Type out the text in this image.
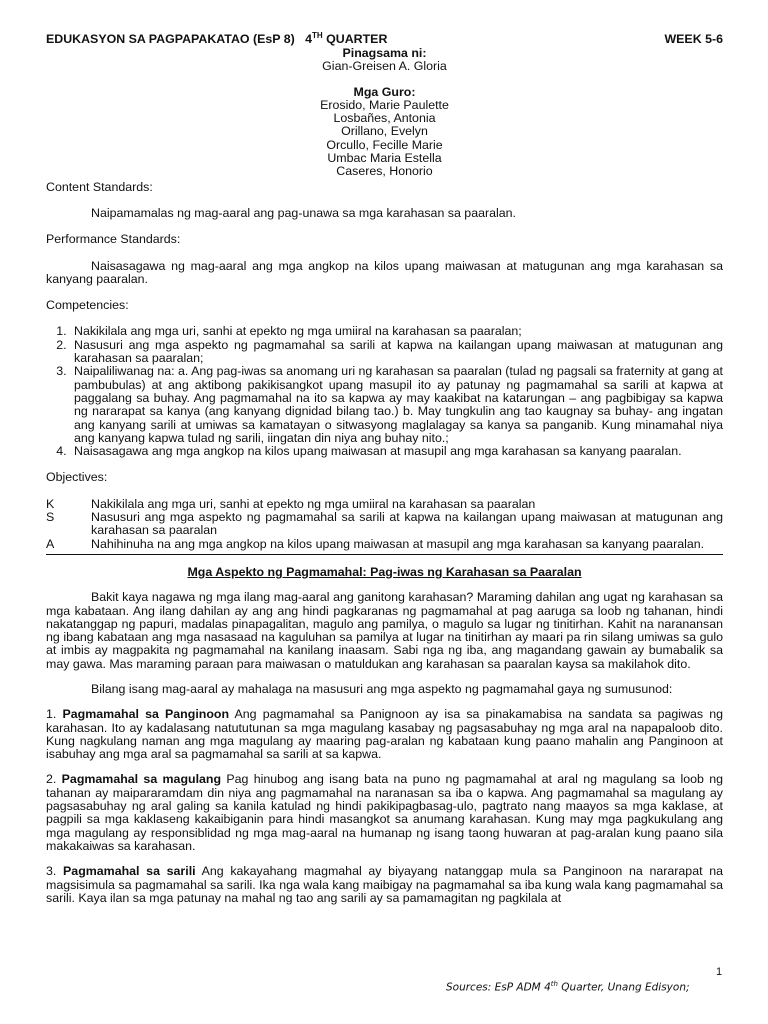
EDUKASYON SA PAGPAPAKATAO (EsP 8) 4TH QUARTER	WEEK 5-6
Pinagsama ni:
Gian-Greisen A. Gloria
Mga Guro:
Erosido, Marie Paulette
Losbañes, Antonia
Orillano, Evelyn
Orcullo, Fecille Marie
Umbac Maria Estella
Caseres, Honorio
Content Standards:

Naipamamalas ng mag-aaral ang pag-unawa sa mga karahasan sa paaralan.

Performance Standards:

Naisasagawa ng mag-aaral ang mga angkop na kilos upang maiwasan at matugunan ang mga karahasan sa kanyang paaralan.

Competencies:
1. Nakikilala ang mga uri, sanhi at epekto ng mga umiiral na karahasan sa paaralan;
2. Nasusuri ang mga aspekto ng pagmamahal sa sarili at kapwa na kailangan upang maiwasan at matugunan ang karahasan sa paaralan;
3. Naipaliliwanag na: a. Ang pag-iwas sa anomang uri ng karahasan sa paaralan (tulad ng pagsali sa fraternity at gang at pambubulas) at ang aktibong pakikisangkot upang masupil ito ay patunay ng pagmamahal sa sarili at kapwa at paggalang sa buhay. Ang pagmamahal na ito sa kapwa ay may kaakibat na katarungan – ang pagbibigay sa kapwa ng nararapat sa kanya (ang kanyang dignidad bilang tao.) b. May tungkulin ang tao kaugnay sa buhay- ang ingatan ang kanyang sarili at umiwas sa kamatayan o sitwasyong maglalagay sa kanya sa panganib. Kung minamahal niya ang kanyang kapwa tulad ng sarili, iingatan din niya ang buhay nito.;
4. Naisasagawa ang mga angkop na kilos upang maiwasan at masupil ang mga karahasan sa kanyang paaralan.
Objectives:
K	Nakikilala ang mga uri, sanhi at epekto ng mga umiiral na karahasan sa paaralan
S	Nasusuri ang mga aspekto ng pagmamahal sa sarili at kapwa na kailangan upang maiwasan at matugunan ang karahasan sa paaralan
A	Nahihinuha na ang mga angkop na kilos upang maiwasan at masupil ang mga karahasan sa kanyang paaralan.
Mga Aspekto ng Pagmamahal: Pag-iwas ng Karahasan sa Paaralan

Bakit kaya nagawa ng mga ilang mag-aaral ang ganitong karahasan? Maraming dahilan ang ugat ng karahasan sa mga kabataan. Ang ilang dahilan ay ang ang hindi pagkaranas ng pagmamahal at pag aaruga sa loob ng tahanan, hindi nakatanggap ng papuri, madalas pinapagalitan, magulo ang pamilya, o magulo sa lugar ng tinitirhan. Kahit na naranansan ng ibang kabataan ang mga nasasaad na kaguluhan sa pamilya at lugar na tinitirhan ay maari pa rin silang umiwas sa gulo at imbis ay magpakita ng pagmamahal na kanilang inaasam. Sabi nga ng iba, ang magandang gawain ay bumabalik sa may gawa. Mas maraming paraan para maiwasan o matuldukan ang karahasan sa paaralan kaysa sa makilahok dito.

Bilang isang mag-aaral ay mahalaga na masusuri ang mga aspekto ng pagmamahal gaya ng sumusunod:

1. Pagmamahal sa Panginoon Ang pagmamahal sa Panignoon ay isa sa pinakamabisa na sandata sa pagiwas ng karahasan. Ito ay kadalasang natututunan sa mga magulang kasabay ng pagsasabuhay ng mga aral na napapaloob dito. Kung nagkulang naman ang mga magulang ay maaring pag-aralan ng kabataan kung paano mahalin ang Panginoon at isabuhay ang mga aral sa pagmamahal sa sarili at sa kapwa.

2. Pagmamahal sa magulang Pag hinubog ang isang bata na puno ng pagmamahal at aral ng magulang sa loob ng tahanan ay maipararamdam din niya ang pagmamahal na naranasan sa iba o kapwa. Ang pagmamahal sa magulang ay pagsasabuhay ng aral galing sa kanila katulad ng hindi pakikipagbasag-ulo, pagtrato nang maayos sa mga kaklase, at pagpili sa mga kaklaseng kakaibiganin para hindi masangkot sa anumang karahasan. Kung may mga pagkukulang ang mga magulang ay responsiblidad ng mga mag-aaral na humanap ng isang taong huwaran at pag-aralan kung paano sila makakaiwas sa karahasan.

3. Pagmamahal sa sarili Ang kakayahang magmahal ay biyayang natanggap mula sa Panginoon na nararapat na magsisimula sa pagmamahal sa sarili. Ika nga wala kang maibigay na pagmamahal sa iba kung wala kang pagmamahal sa sarili. Kaya ilan sa mga patunay na mahal ng tao ang sarili ay sa pamamagitan ng pagkilala at

Sources: EsP ADM 4th Quarter, Unang Edisyon;
1
